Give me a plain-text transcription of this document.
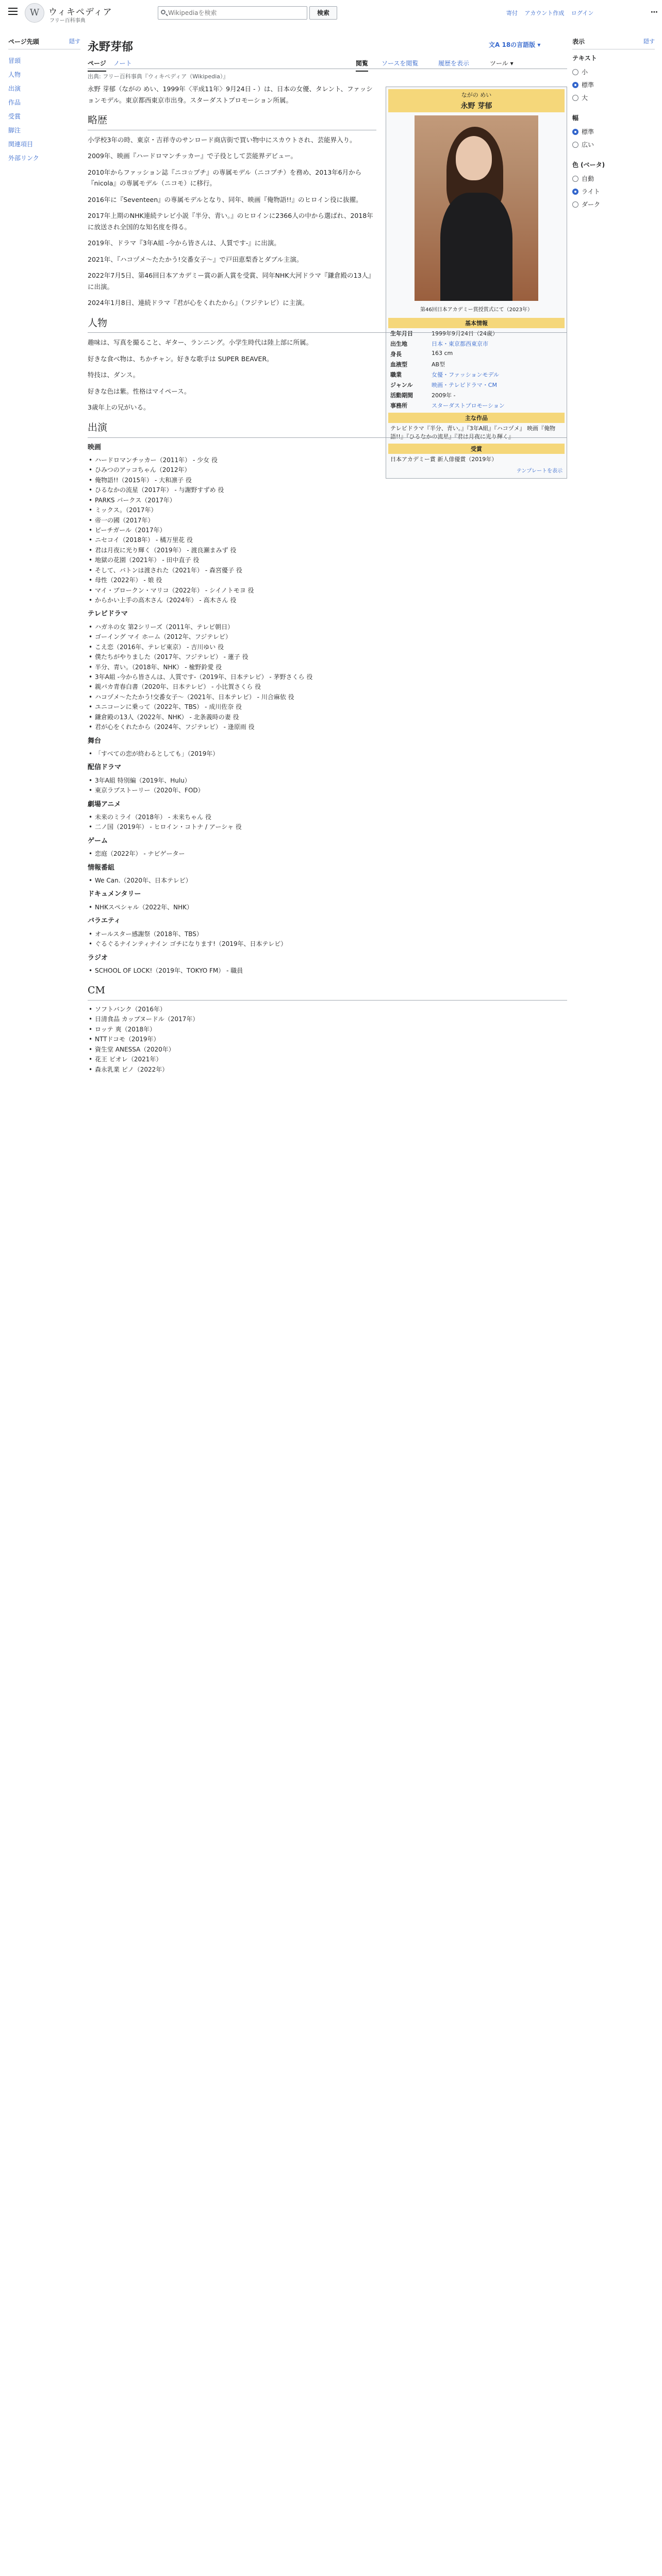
W	ウィキペディア
フリー百科事典
Wikipediaを検索
検索	寄付 アカウント作成 ログイン	⋯
ページ先頭	隠す
冒頭
人物
出演
作品
受賞
脚注
関連項目
外部リンク
表示	隠す
テキスト
小
標準
大
幅
標準
広い
色 (ベータ)
自動
ライト
ダーク
永野芽郁	文A 18の言語版 ▾
ページ ノート	閲覧 ソースを閲覧	履歴を表示	ツール ▾
出典: フリー百科事典『ウィキペディア（Wikipedia）』
ながの めい
永野 芽郁
第46回日本アカデミー賞授賞式にて（2023年）
基本情報
生年月日	1999年9月24日（24歳）
出生地	日本・東京都西東京市
身長	163 cm
血液型	AB型
職業	女優・ファッションモデル
ジャンル	映画・テレビドラマ・CM
活動期間	2009年 -
事務所	スターダストプロモーション
主な作品
テレビドラマ『半分、青い。』『3年A組』『ハコヅメ』 映画『俺物語!!』『ひるなかの流星』『君は月夜に光り輝く』
受賞
日本アカデミー賞 新人俳優賞（2019年）
テンプレートを表示

永野 芽郁（ながの めい、1999年〈平成11年〉9月24日 - ）は、日本の女優、タレント、ファッションモデル。東京都西東京市出身。スターダストプロモーション所属。

略歴

小学校3年の時、東京・吉祥寺のサンロード商店街で買い物中にスカウトされ、芸能界入り。

2009年、映画『ハードロマンチッカー』で子役として芸能界デビュー。

2010年からファッション誌『ニコ☆プチ』の専属モデル（ニコプチ）を務め、2013年6月から『nicola』の専属モデル（ニコモ）に移行。

2016年に『Seventeen』の専属モデルとなり、同年、映画『俺物語!!』のヒロイン役に抜擢。

2017年上期のNHK連続テレビ小説『半分、青い。』のヒロインに2366人の中から選ばれ、2018年に放送され全国的な知名度を得る。

2019年、ドラマ『3年A組 -今から皆さんは、人質です-』に出演。

2021年、『ハコヅメ〜たたかう!交番女子〜』で戸田恵梨香とダブル主演。

2022年7月5日、第46回日本アカデミー賞の新人賞を受賞、同年NHK大河ドラマ『鎌倉殿の13人』に出演。

2024年1月8日、連続ドラマ『君が心をくれたから』（フジテレビ）に主演。

人物

趣味は、写真を撮ること、ギター、ランニング。小学生時代は陸上部に所属。

好きな食べ物は、ちかチャン。好きな歌手は SUPER BEAVER。

特技は、ダンス。

好きな色は紫。性格はマイペース。

3歳年上の兄がいる。

出演
映画
• ハードロマンチッカー（2011年） - 少女 役
• ひみつのアッコちゃん（2012年）
• 俺物語!!（2015年） - 大和凛子 役
• ひるなかの流星（2017年） - 与謝野すずめ 役
• PARKS パークス（2017年）
• ミックス。（2017年）
• 帝一の國（2017年）
• ピーチガール（2017年）
• ニセコイ（2018年） - 橘万里花 役
• 君は月夜に光り輝く（2019年） - 渡良瀬まみず 役
• 地獄の花園（2021年） - 田中直子 役
• そして、バトンは渡された（2021年） - 森宮優子 役
• 母性（2022年） - 娘 役
• マイ・ブロークン・マリコ（2022年） - シイノトモヨ 役
• からかい上手の高木さん（2024年） - 高木さん 役
テレビドラマ
• ハガネの女 第2シリーズ（2011年、テレビ朝日）
• ゴーイング マイ ホーム（2012年、フジテレビ）
• こえ恋（2016年、テレビ東京） - 吉川ゆい 役
• 僕たちがやりました（2017年、フジテレビ） - 蓮子 役
• 半分、青い。（2018年、NHK） - 楡野鈴愛 役
• 3年A組 -今から皆さんは、人質です-（2019年、日本テレビ） - 茅野さくら 役
• 親バカ青春白書（2020年、日本テレビ） - 小比賀さくら 役
• ハコヅメ〜たたかう!交番女子〜（2021年、日本テレビ） - 川合麻依 役
• ユニコーンに乗って（2022年、TBS） - 成川佐奈 役
• 鎌倉殿の13人（2022年、NHK） - 北条義時の妻 役
• 君が心をくれたから（2024年、フジテレビ） - 逢原雨 役
舞台
• 「すべての恋が終わるとしても」（2019年）
配信ドラマ
• 3年A組 特別編（2019年、Hulu）
• 東京ラブストーリー（2020年、FOD）
劇場アニメ
• 未来のミライ（2018年） - 未来ちゃん 役
• 二ノ国（2019年） - ヒロイン・コトナ / アーシャ 役
ゲーム
• 恋庭（2022年） - ナビゲーター
情報番組
• We Can.（2020年、日本テレビ）
ドキュメンタリー
• NHKスペシャル（2022年、NHK）
バラエティ
• オールスター感謝祭（2018年、TBS）
• ぐるぐるナインティナイン ゴチになります!（2019年、日本テレビ）
ラジオ
• SCHOOL OF LOCK!（2019年、TOKYO FM） - 職員
CM
• ソフトバンク（2016年）
• 日清食品 カップヌードル（2017年）
• ロッテ 爽（2018年）
• NTTドコモ（2019年）
• 資生堂 ANESSA（2020年）
• 花王 ビオレ（2021年）
• 森永乳業 ピノ（2022年）
